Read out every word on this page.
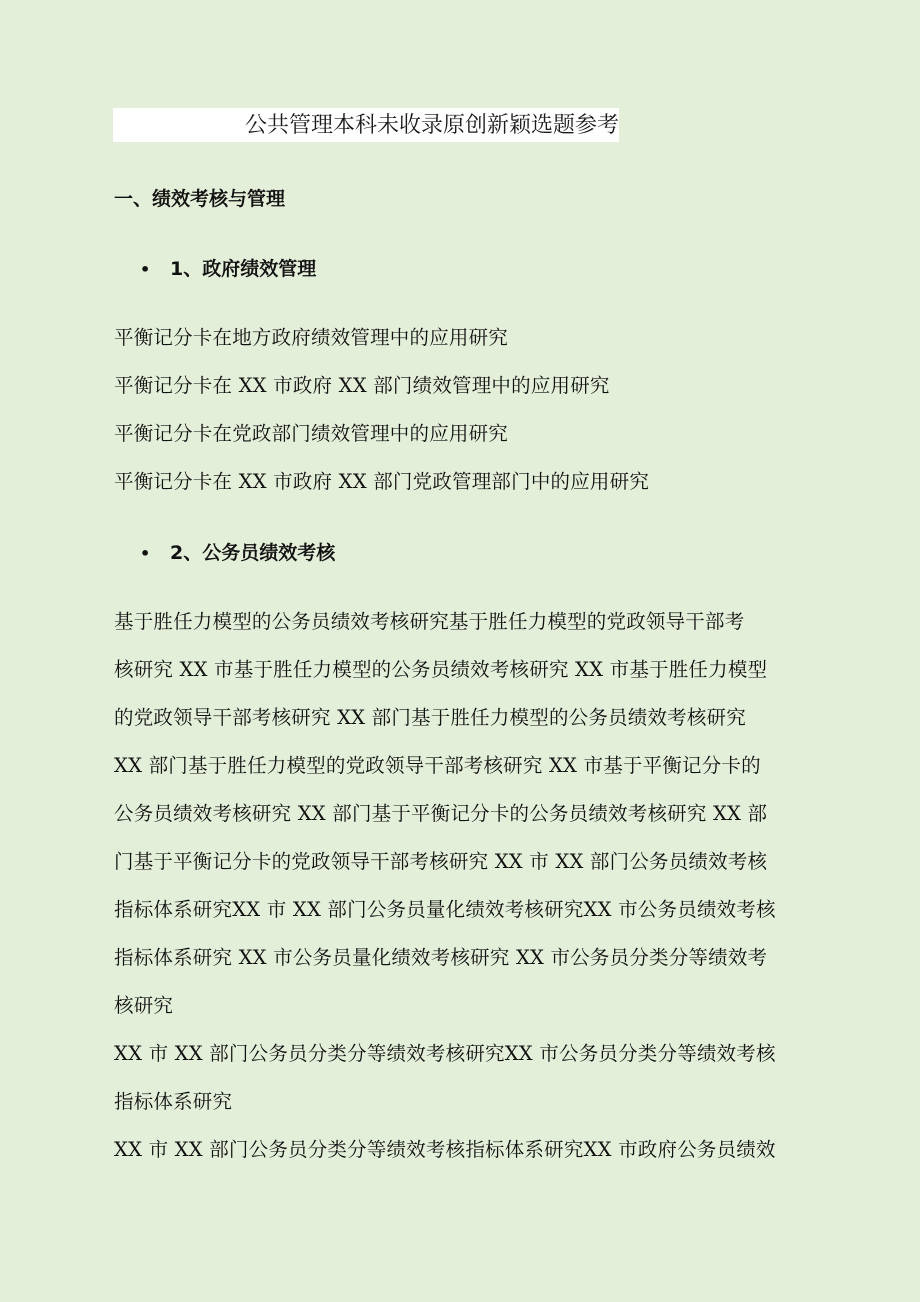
公共管理本科未收录原创新颖选题参考
一、绩效考核与管理
• 1、政府绩效管理
平衡记分卡在地方政府绩效管理中的应用研究
平衡记分卡在 XX 市政府 XX 部门绩效管理中的应用研究
平衡记分卡在党政部门绩效管理中的应用研究
平衡记分卡在 XX 市政府 XX 部门党政管理部门中的应用研究
• 2、公务员绩效考核
基于胜任力模型的公务员绩效考核研究基于胜任力模型的党政领导干部考
核研究 XX 市基于胜任力模型的公务员绩效考核研究 XX 市基于胜任力模型
的党政领导干部考核研究 XX 部门基于胜任力模型的公务员绩效考核研究
XX 部门基于胜任力模型的党政领导干部考核研究 XX 市基于平衡记分卡的
公务员绩效考核研究 XX 部门基于平衡记分卡的公务员绩效考核研究 XX 部
门基于平衡记分卡的党政领导干部考核研究 XX 市 XX 部门公务员绩效考核
指标体系研究XX 市 XX 部门公务员量化绩效考核研究XX 市公务员绩效考核
指标体系研究 XX 市公务员量化绩效考核研究 XX 市公务员分类分等绩效考
核研究
XX 市 XX 部门公务员分类分等绩效考核研究XX 市公务员分类分等绩效考核
指标体系研究
XX 市 XX 部门公务员分类分等绩效考核指标体系研究XX 市政府公务员绩效
